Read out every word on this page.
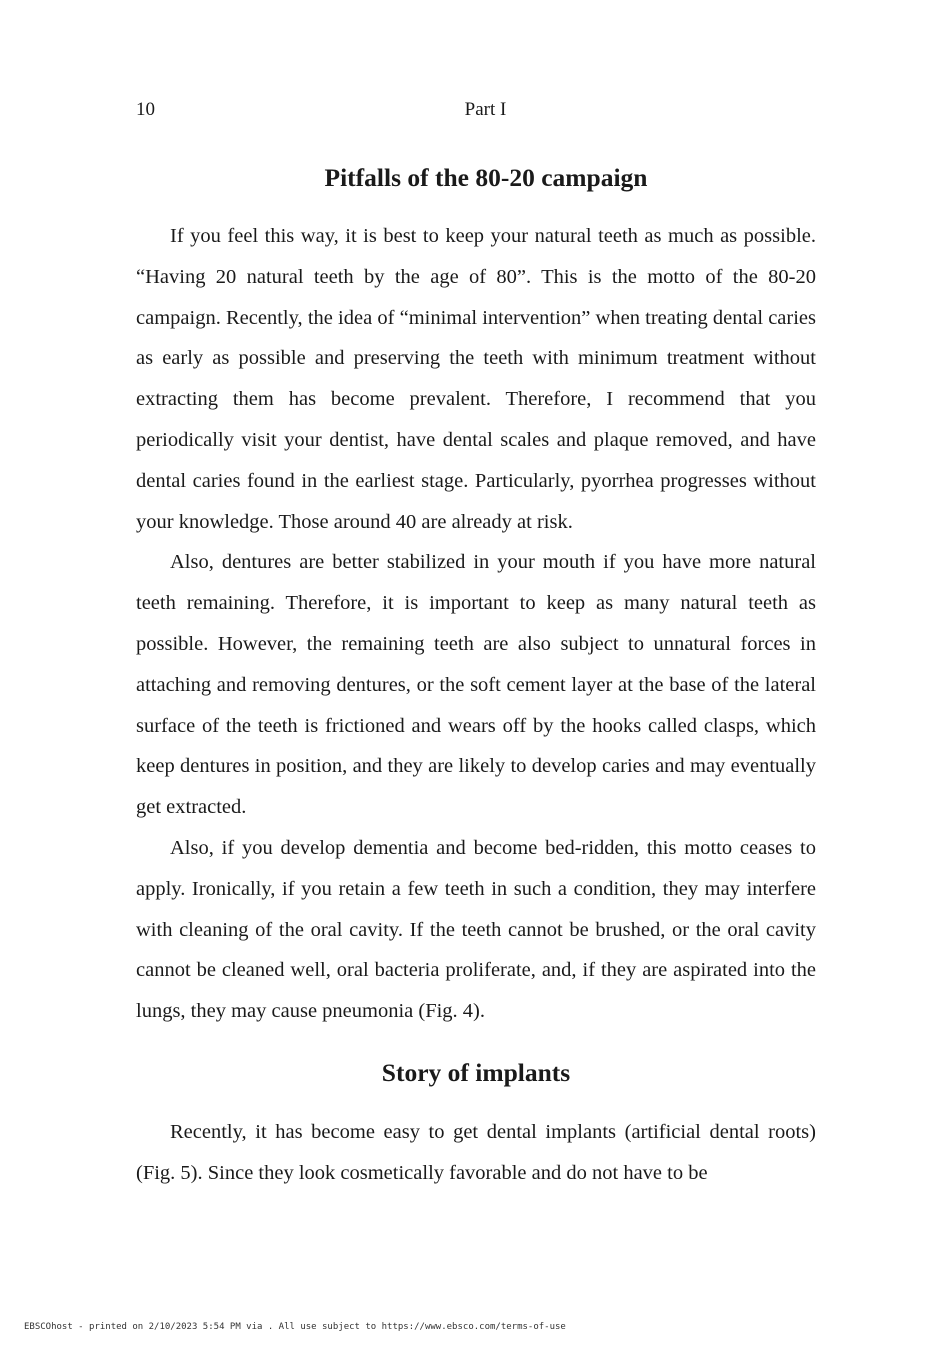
10	Part I
Pitfalls of the 80-20 campaign

If you feel this way, it is best to keep your natural teeth as much as possible. “Having 20 natural teeth by the age of 80”. This is the motto of the 80-20 campaign. Recently, the idea of “minimal intervention” when treating dental caries as early as possible and preserving the teeth with minimum treatment without extracting them has become prevalent. Therefore, I recommend that you periodically visit your dentist, have dental scales and plaque removed, and have dental caries found in the earliest stage. Particularly, pyorrhea progresses without your knowledge. Those around 40 are already at risk.

Also, dentures are better stabilized in your mouth if you have more natural teeth remaining. Therefore, it is important to keep as many natural teeth as possible. However, the remaining teeth are also subject to unnatural forces in attaching and removing dentures, or the soft cement layer at the base of the lateral surface of the teeth is frictioned and wears off by the hooks called clasps, which keep dentures in position, and they are likely to develop caries and may eventually get extracted.

Also, if you develop dementia and become bed-ridden, this motto ceases to apply. Ironically, if you retain a few teeth in such a condition, they may interfere with cleaning of the oral cavity. If the teeth cannot be brushed, or the oral cavity cannot be cleaned well, oral bacteria proliferate, and, if they are aspirated into the lungs, they may cause pneumonia (Fig. 4).

Story of implants

Recently, it has become easy to get dental implants (artificial dental roots) (Fig. 5). Since they look cosmetically favorable and do not have to be

EBSCOhost - printed on 2/10/2023 5:54 PM via . All use subject to https://www.ebsco.com/terms-of-use
